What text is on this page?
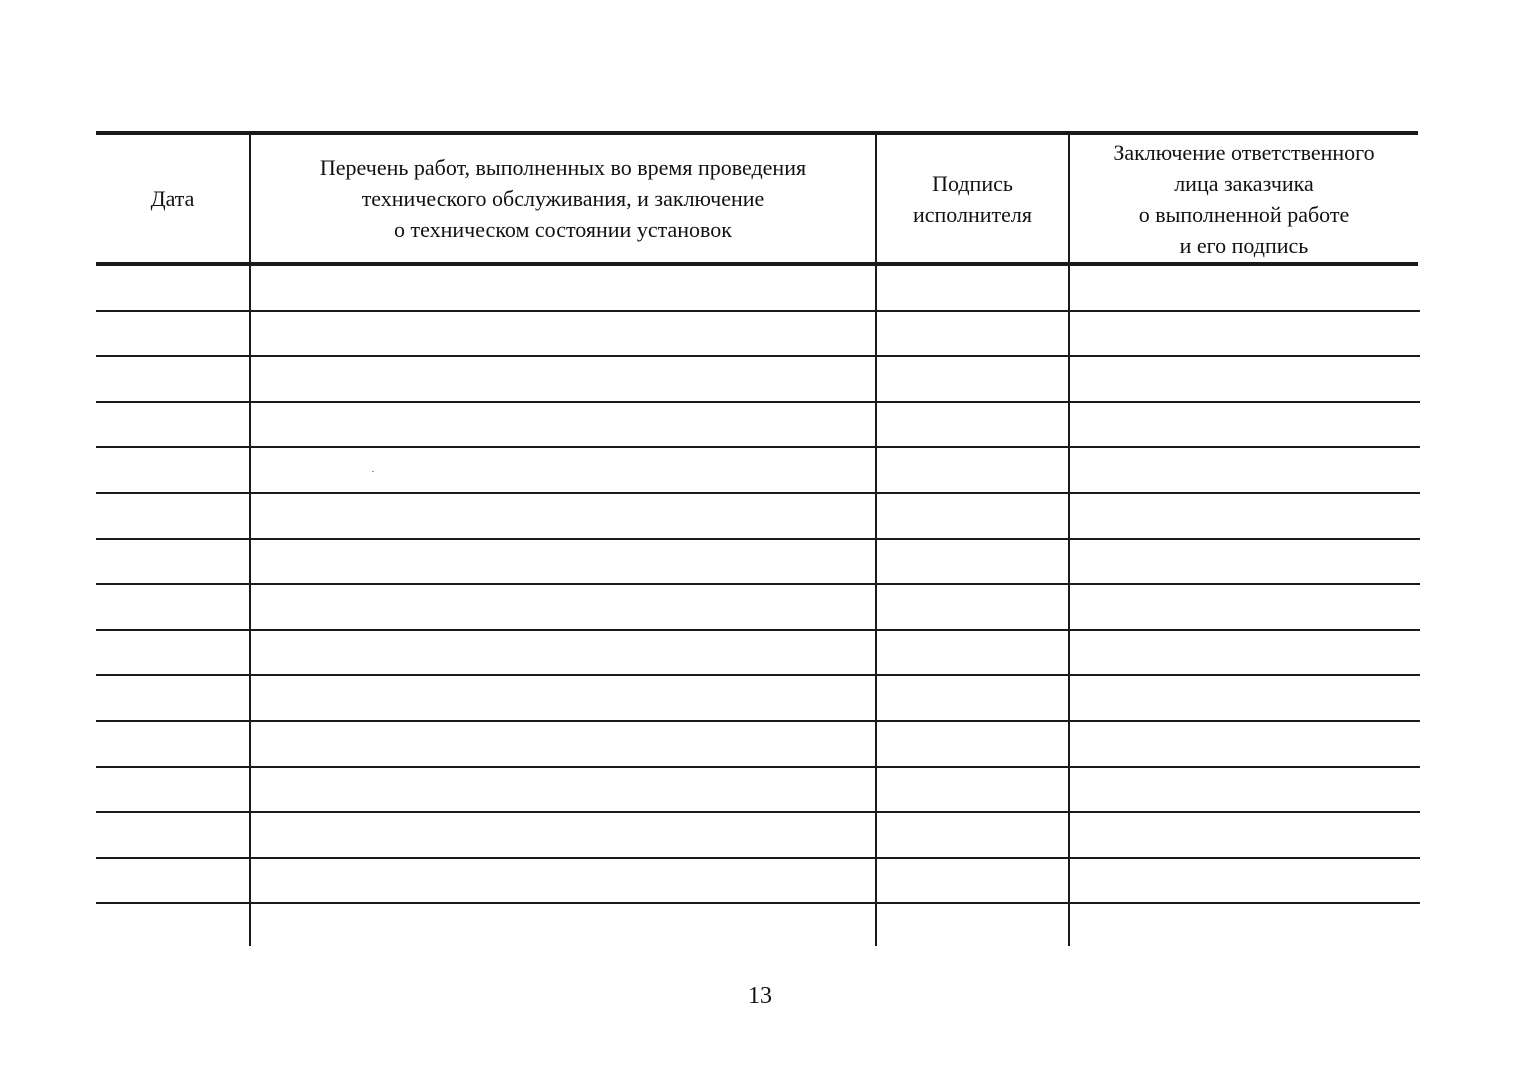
Дата
Перечень работ, выполненных во время проведения
технического обслуживания, и заключение
о техническом состоянии установок
Подпись
исполнителя
Заключение ответственного
лица заказчика
о выполненной работе
и его подпись
13
